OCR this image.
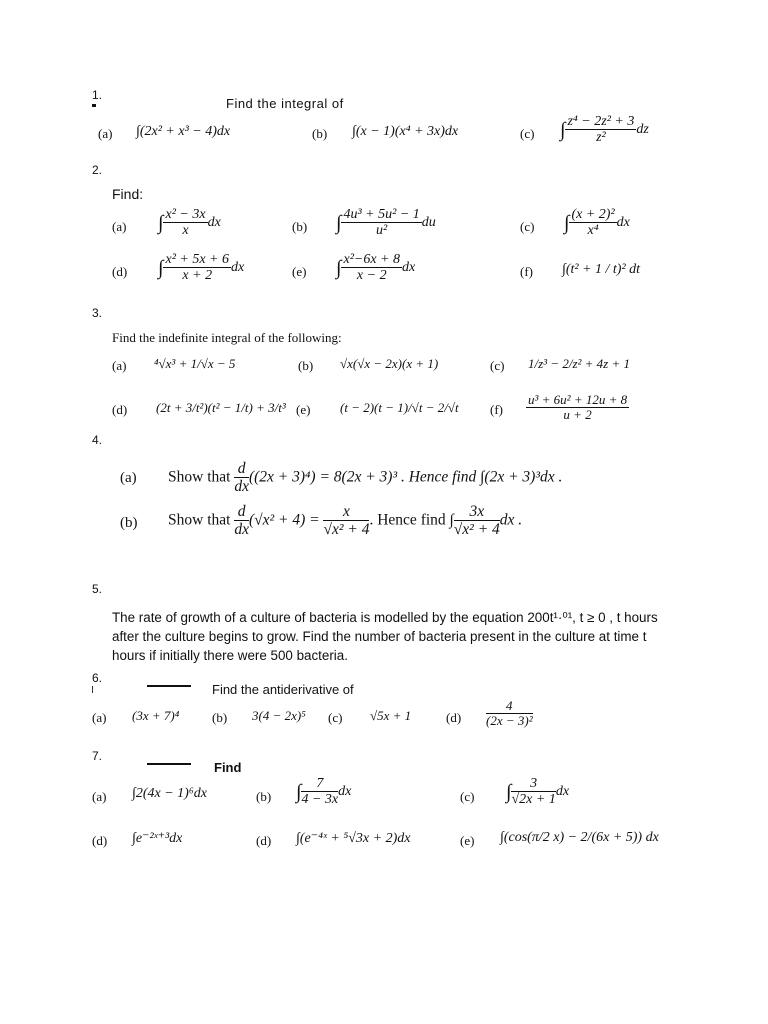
1.
2.
3.
4.
5.
6.
7.
Find the integral of
(a) ∫(2x² + x³ − 4)dx	(b) ∫(x − 1)(x⁴ + 3x)dx	(c) ∫ $\frac{\text{z⁴ − 2z² + 3}}{\text{z²}}$ dz
Find:
(a) ∫ $\frac{\text{x² − 3x}}{x}$ dx	(b) ∫ $\frac{\text{4u³ + 5u² − 1}}{\text{u²}}$ du	(c) ∫ $\frac{\text{(x + 2)²}}{\text{x⁴}}$ dx
(d) ∫ $\frac{\text{x² + 5x + 6}}{x + 2}$ dx	(e) ∫ $\frac{\text{x²−6x + 8}}{x - 2}$ dx	(f) ∫(t² + 1 / t)² dt
Find the indefinite integral of the following:
(a) ⁴√x³ + 1/√x − 5	(b) √x(√x − 2x)(x + 1)	(c) 1/z³ − 2/z² + 4z + 1
(d) (2t + 3/t²)(t² − 1/t) + 3/t³ (e) (t − 2)(t − 1)/√t − 2/√t $(f) \frac{\text{u³ + 6u² + 12u + 8}}{u + 2}$
(a) Show that $\frac{d}{dx} ((2x + 3)^4) = 8(2x + 3)^3$ . Hence find ∫(2x + 3)³dx .
(b) Show that $\frac{d}{dx} (√x^2 + 4) = \frac{x}{\text{√x² + 4}}$ . Hence find ∫ $\frac{3x}{\text{√x² + 4}}$ dx .
The rate of growth of a culture of bacteria is modelled by the equation 200t¹·⁰¹, t ≥ 0 , t hours after the culture begins to grow. Find the number of bacteria present in the culture at time t hours if initially there were 500 bacteria.
Find the antiderivative of
(a) (3x + 7)⁴	(b) 3(4 − 2x)⁵ (c) √5x + 1	$(d) \frac{4}{\text{(2x − 3)²}}$
Find
(a) ∫2(4x − 1)⁶dx	(b) ∫ $\frac{7}{4 - 3x}$ dx	(c) ∫ $\frac{3}{√2x + 1}$ dx
(d) ∫e⁻²ˣ⁺³dx	(d) ∫(e⁻⁴ˣ + ⁵√3x + 2)dx	(e) ∫(cos(π/2 x) − 2/(6x + 5)) dx
